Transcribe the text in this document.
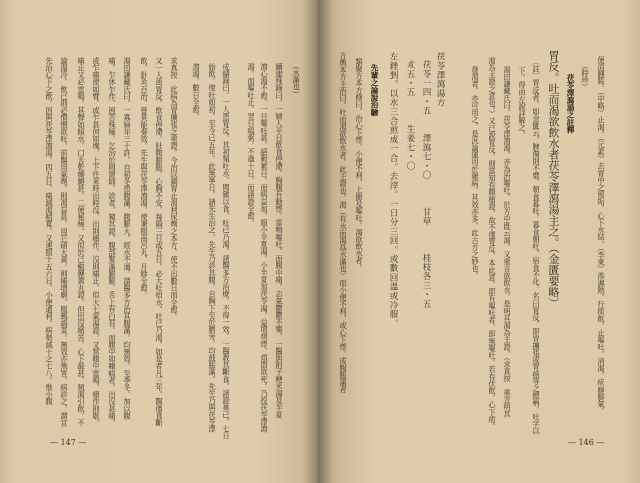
— 147 —
（水滿也）
續建殊錄曰。一婦人平日飲食停滯。胸腹有動悸。雷鳴嘔吐。而腹中痛。志氣鬱鬱不樂。一醫與附子粳米湯及半夏
瀉心湯不愈。一日嘔吐甚。絕穀累日。而病益加。服小半夏湯。小半夏加茯苓湯。益增煩悸。煩悶欲死。乃投茯苓澤瀉
湯。而嘔吐止。翌日啜粥。不過十日。而諸證全愈。
成績錄曰。一人患胃反。其初頻吐水。間雜以食。吐已乃渴。諸醫多方治療。不得一效。一醫教其斷食。諸證巢已。七日
始飲。復吐如初。至今已五年。此無寧日。請先生治之。先生乃診其腹。自胸下至於臍旁。均鼓脹滿。先生乃與茯苓澤
瀉湯。數日全愈。
求真按　此病為胃擴張之重證。今治以鎮胃止渴利尿劑之本方。使不出數日而全愈。
又一人患胃反。飲食停滯。肚腹膨脹。心胸不安。每隔三日或五日。必大吐宿水。吐已乃渴。如是者凡三年。醫僅食斷
飲。針灸百治。曾莫能奏效。先生與茯苓澤瀉湯。使兼服南呂丸。月餘全愈。
湯田謙藏氏曰。一寡婦年三十許。自初冬患腹滿。腹膨大。經水不通。諸醫多方治其腹滿。均無效。至季冬。加以腹
痛。乍休乍作。困苦殊極。乞治於岡齋師。診者。窺其證。腹部緊滿膨膨。舌上有白苔。而腹中如癥瘕者。出沒甚痛。
或乍痛使如臂。或乍甚何如塊。上下往來時出時沒。出則痛作。沒則痛止。似大七氣湯證。又常腹中雷鳴。痛作則歇。
痛止又必雷鳴。其聲如傾水。口舌乾燥頗甚。二便秘極。又似於己椒藶黃丸證。但出沒痛苦。心下最甚。頻渴引飲。不
論溫冷。飲已則必慣慣欲吐。前醫用氣劑。則渴益甚。用芒硝大黃。則痛增劇。服鷓鴣菜。無效亦無害。病診之。謂宜
先治心下之飲。因與茯苓澤瀉湯。四五日。痛減渴稍寬。又連服十五六日。小便通利。病勢減十之七八。惟小腹
— 146 —
便消腫脹。（中略）止渴。（元素）去胃中之留垢。心下水結。（李東）滲濕熱。行痰飲。止嘔吐。消渴。痃癖脚氣。
（時珍）
茯苓澤瀉湯之註釋
胃反。吐而渴欲飲水者茯苓澤瀉湯主之。（金匱要略）
〔註〕胃反者。如金匱云。脾傷則不磨。朝食暮吐。暮食朝吐。宿食不化。名曰胃反。即胃擴張或胃癌等之總稱。吐字以
下。得由左說詳解之。
湯田謙藏氏曰。茯苓澤瀉湯。亦為治嘔吐。於方中既云渴。又重言欲飲水。是明其渴為主證。（求真按　重言明其
渴為主證之意也。）又已說胃反。則當知有腹痛證。故不僅胃反。本此意。即有嘔吐者。即無嘔吐。若有伏飲。心下痞。
發渴者。亦可用之。是汎論運用於雜病。其效亦多。此古方之妙也。
茯苓澤瀉湯方
茯苓一四・五　　澤瀉七・〇　　　甘草　　　桂枝各三・五
朮五・五　　　生姜七・〇
左銼剉。以水三合煎成一合。去滓。一日分三回。或數回溫或冷服。
先輩之論說治驗
類聚方本方條曰。治心下悸。小便不利。上衝及嘔吐。渴欲飲水者。
方輿本方主治曰。吐而渴欲飲水者。此主證也。渴（有水而渴爲水滿也）而小便不利。或心下悸。或腹脹滿者
